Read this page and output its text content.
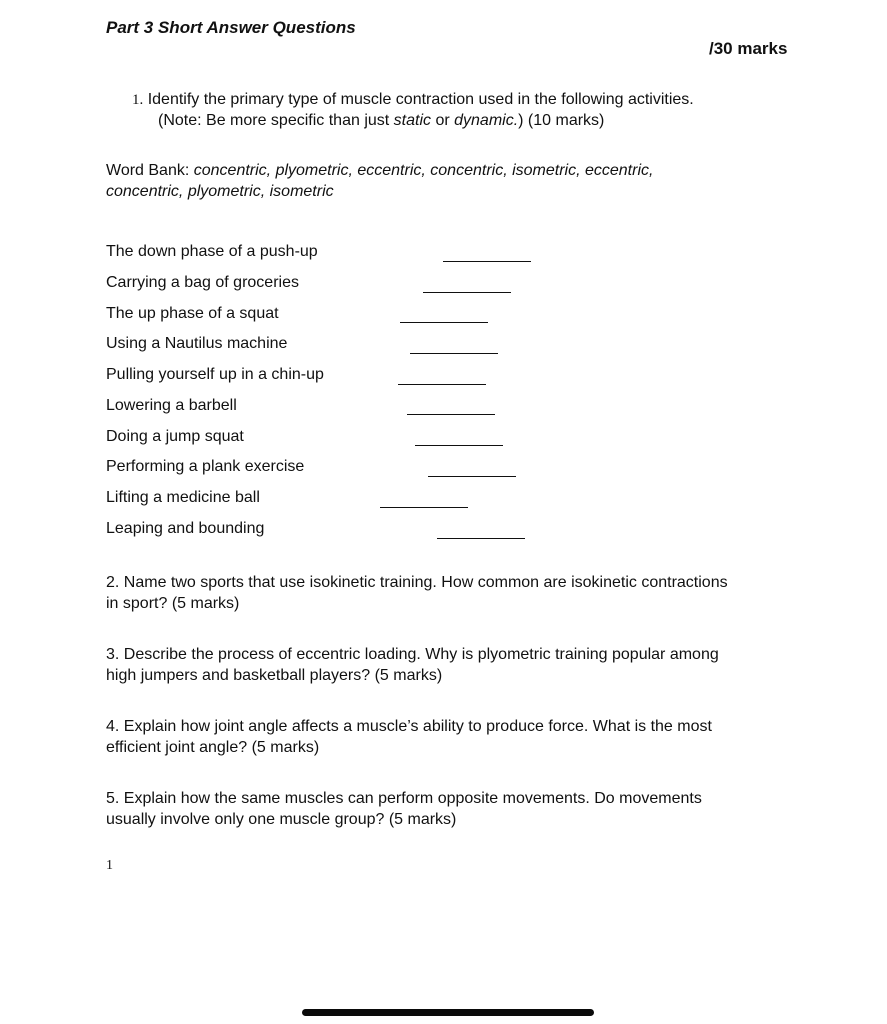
Part 3 Short Answer Questions
/30 marks
1. Identify the primary type of muscle contraction used in the following activities.
(Note: Be more specific than just static or dynamic.) (10 marks)
Word Bank: concentric, plyometric, eccentric, concentric, isometric, eccentric,
concentric, plyometric, isometric
The down phase of a push-up
Carrying a bag of groceries
The up phase of a squat
Using a Nautilus machine
Pulling yourself up in a chin-up
Lowering a barbell
Doing a jump squat
Performing a plank exercise
Lifting a medicine ball
Leaping and bounding
2. Name two sports that use isokinetic training. How common are isokinetic contractions
in sport? (5 marks)
3. Describe the process of eccentric loading. Why is plyometric training popular among
high jumpers and basketball players? (5 marks)
4. Explain how joint angle affects a muscle’s ability to produce force. What is the most
efficient joint angle? (5 marks)
5. Explain how the same muscles can perform opposite movements. Do movements
usually involve only one muscle group? (5 marks)
1
